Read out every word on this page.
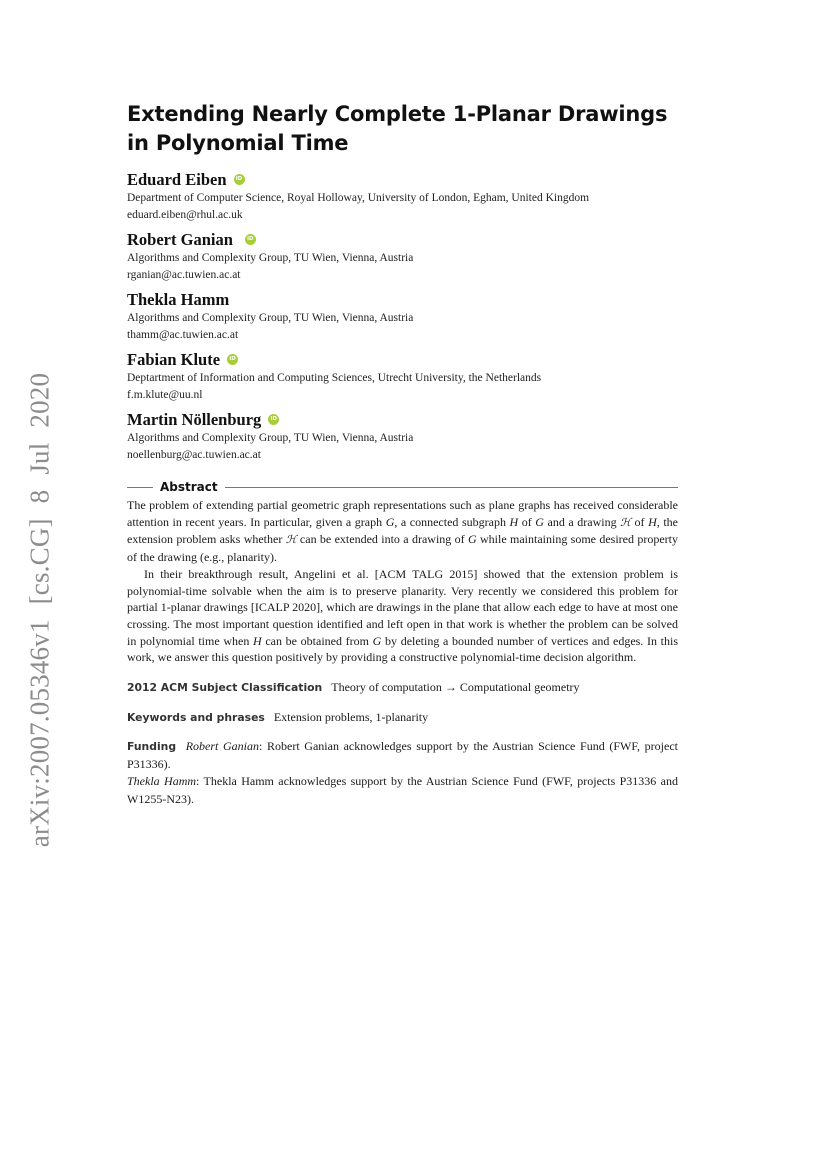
arXiv:2007.05346v1 [cs.CG] 8 Jul 2020
Extending Nearly Complete 1-Planar Drawings in Polynomial Time
Eduard Eiben
iD
Department of Computer Science, Royal Holloway, University of London, Egham, United Kingdom
eduard.eiben@rhul.ac.uk
Robert Ganian
iD
Algorithms and Complexity Group, TU Wien, Vienna, Austria
rganian@ac.tuwien.ac.at
Thekla Hamm
Algorithms and Complexity Group, TU Wien, Vienna, Austria
thamm@ac.tuwien.ac.at
Fabian Klute
iD
Deptartment of Information and Computing Sciences, Utrecht University, the Netherlands
f.m.klute@uu.nl
Martin Nöllenburg
iD
Algorithms and Complexity Group, TU Wien, Vienna, Austria
noellenburg@ac.tuwien.ac.at
Abstract

The problem of extending partial geometric graph representations such as plane graphs has received considerable attention in recent years. In particular, given a graph G, a connected subgraph H of G and a drawing ℋ of H, the extension problem asks whether ℋ can be extended into a drawing of G while maintaining some desired property of the drawing (e.g., planarity).

In their breakthrough result, Angelini et al. [ACM TALG 2015] showed that the extension problem is polynomial-time solvable when the aim is to preserve planarity. Very recently we considered this problem for partial 1-planar drawings [ICALP 2020], which are drawings in the plane that allow each edge to have at most one crossing. The most important question identified and left open in that work is whether the problem can be solved in polynomial time when H can be obtained from G by deleting a bounded number of vertices and edges. In this work, we answer this question positively by providing a constructive polynomial-time decision algorithm.

2012 ACM Subject Classification Theory of computation → Computational geometry
Keywords and phrases Extension problems, 1-planarity
Funding Robert Ganian: Robert Ganian acknowledges support by the Austrian Science Fund (FWF, project P31336).
Thekla Hamm: Thekla Hamm acknowledges support by the Austrian Science Fund (FWF, projects P31336 and W1255-N23).
